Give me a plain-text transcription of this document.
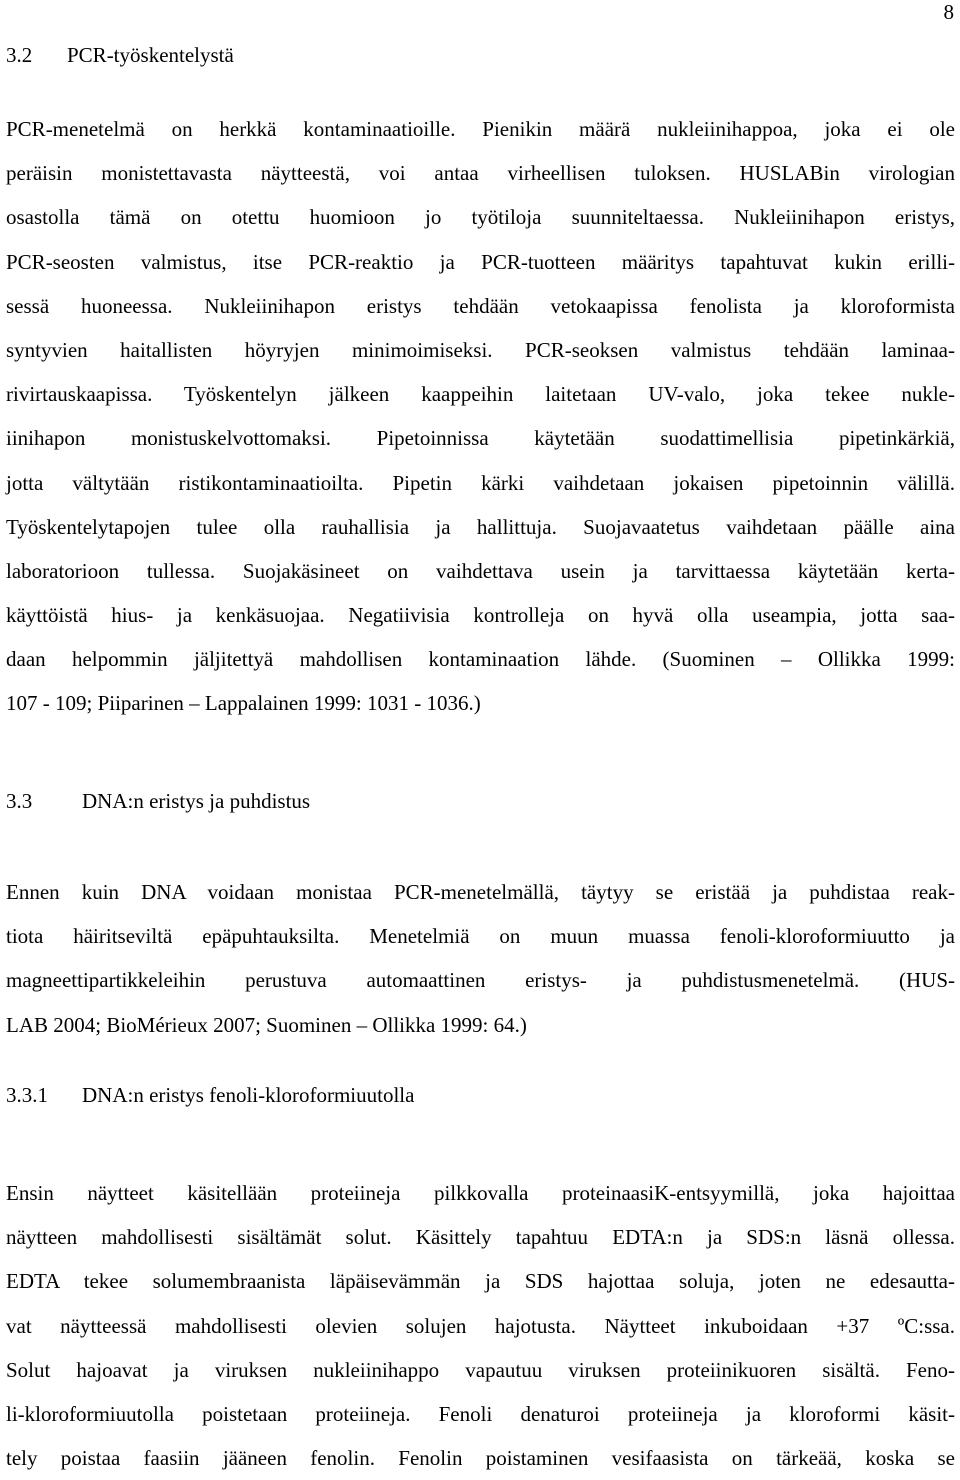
8
3.2 PCR-työskentelystä
PCR-menetelmä on herkkä kontaminaatioille. Pienikin määrä nukleiinihappoa, joka ei ole
peräisin monistettavasta näytteestä, voi antaa virheellisen tuloksen. HUSLABin virologian
osastolla tämä on otettu huomioon jo työtiloja suunniteltaessa. Nukleiinihapon eristys,
PCR-seosten valmistus, itse PCR-reaktio ja PCR-tuotteen määritys tapahtuvat kukin erilli-
sessä huoneessa. Nukleiinihapon eristys tehdään vetokaapissa fenolista ja kloroformista
syntyvien haitallisten höyryjen minimoimiseksi. PCR-seoksen valmistus tehdään laminaa-
rivirtauskaapissa. Työskentelyn jälkeen kaappeihin laitetaan UV-valo, joka tekee nukle-
iinihapon monistuskelvottomaksi. Pipetoinnissa käytetään suodattimellisia pipetinkärkiä,
jotta vältytään ristikontaminaatioilta. Pipetin kärki vaihdetaan jokaisen pipetoinnin välillä.
Työskentelytapojen tulee olla rauhallisia ja hallittuja. Suojavaatetus vaihdetaan päälle aina
laboratorioon tullessa. Suojakäsineet on vaihdettava usein ja tarvittaessa käytetään kerta-
käyttöistä hius- ja kenkäsuojaa. Negatiivisia kontrolleja on hyvä olla useampia, jotta saa-
daan helpommin jäljitettyä mahdollisen kontaminaation lähde. (Suominen – Ollikka 1999:
107 - 109; Piiparinen – Lappalainen 1999: 1031 - 1036.)
3.3 DNA:n eristys ja puhdistus
Ennen kuin DNA voidaan monistaa PCR-menetelmällä, täytyy se eristää ja puhdistaa reak-
tiota häiritseviltä epäpuhtauksilta. Menetelmiä on muun muassa fenoli-kloroformiuutto ja
magneettipartikkeleihin perustuva automaattinen eristys- ja puhdistusmenetelmä. (HUS-
LAB 2004; BioMérieux 2007; Suominen – Ollikka 1999: 64.)
3.3.1 DNA:n eristys fenoli-kloroformiuutolla
Ensin näytteet käsitellään proteiineja pilkkovalla proteinaasiK-entsyymillä, joka hajoittaa
näytteen mahdollisesti sisältämät solut. Käsittely tapahtuu EDTA:n ja SDS:n läsnä ollessa.
EDTA tekee solumembraanista läpäisevämmän ja SDS hajottaa soluja, joten ne edesautta-
vat näytteessä mahdollisesti olevien solujen hajotusta. Näytteet inkuboidaan +37 ºC:ssa.
Solut hajoavat ja viruksen nukleiinihappo vapautuu viruksen proteiinikuoren sisältä. Feno-
li-kloroformiuutolla poistetaan proteiineja. Fenoli denaturoi proteiineja ja kloroformi käsit-
tely poistaa faasiin jääneen fenolin. Fenolin poistaminen vesifaasista on tärkeää, koska se
